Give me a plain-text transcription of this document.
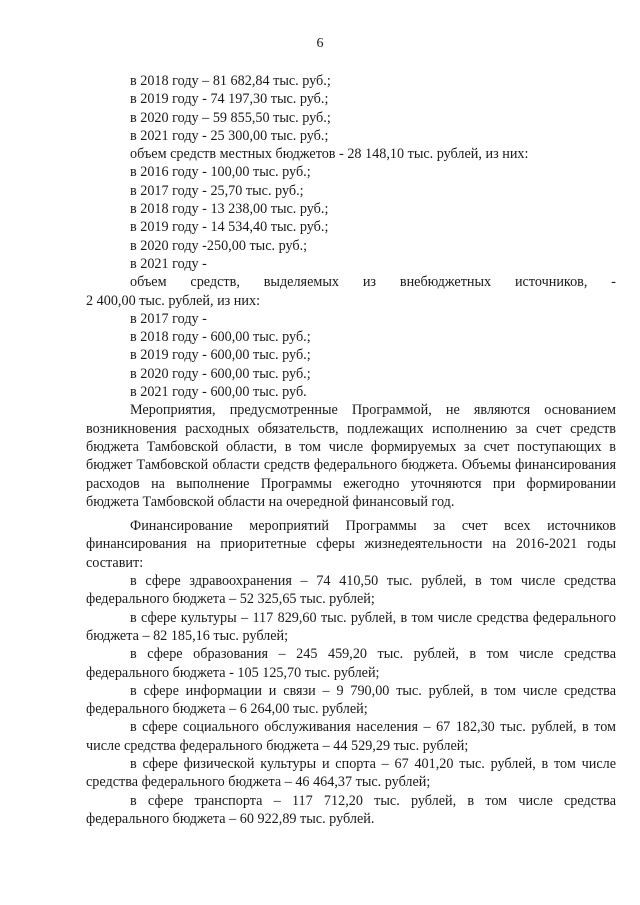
6

в 2018 году – 81 682,84 тыс. руб.;

в 2019 году - 74 197,30 тыс. руб.;

в 2020 году – 59 855,50 тыс. руб.;

в 2021 году - 25 300,00 тыс. руб.;

объем средств местных бюджетов - 28 148,10 тыс. рублей, из них:

в 2016 году - 100,00 тыс. руб.;

в 2017 году - 25,70 тыс. руб.;

в 2018 году - 13 238,00 тыс. руб.;

в 2019 году - 14 534,40 тыс. руб.;

в 2020 году -250,00 тыс. руб.;

в 2021 году -

объем средств, выделяемых из внебюджетных источников, -

2 400,00 тыс. рублей, из них:

в 2017 году -

в 2018 году - 600,00 тыс. руб.;

в 2019 году - 600,00 тыс. руб.;

в 2020 году - 600,00 тыс. руб.;

в 2021 году - 600,00 тыс. руб.

Мероприятия, предусмотренные Программой, не являются основанием возникновения расходных обязательств, подлежащих исполнению за счет средств бюджета Тамбовской области, в том числе формируемых за счет поступающих в бюджет Тамбовской области средств федерального бюджета. Объемы финансирования расходов на выполнение Программы ежегодно уточняются при формировании бюджета Тамбовской области на очередной финансовый год.

Финансирование мероприятий Программы за счет всех источников финансирования на приоритетные сферы жизнедеятельности на 2016-2021 годы составит:

в сфере здравоохранения – 74 410,50 тыс. рублей, в том числе средства федерального бюджета – 52 325,65 тыс. рублей;

в сфере культуры – 117 829,60 тыс. рублей, в том числе средства федерального бюджета – 82 185,16 тыс. рублей;

в сфере образования – 245 459,20 тыс. рублей, в том числе средства федерального бюджета - 105 125,70 тыс. рублей;

в сфере информации и связи – 9 790,00 тыс. рублей, в том числе средства федерального бюджета – 6 264,00 тыс. рублей;

в сфере социального обслуживания населения – 67 182,30 тыс. рублей, в том числе средства федерального бюджета – 44 529,29 тыс. рублей;

в сфере физической культуры и спорта – 67 401,20 тыс. рублей, в том числе средства федерального бюджета – 46 464,37 тыс. рублей;

в сфере транспорта – 117 712,20 тыс. рублей, в том числе средства федерального бюджета – 60 922,89 тыс. рублей.
